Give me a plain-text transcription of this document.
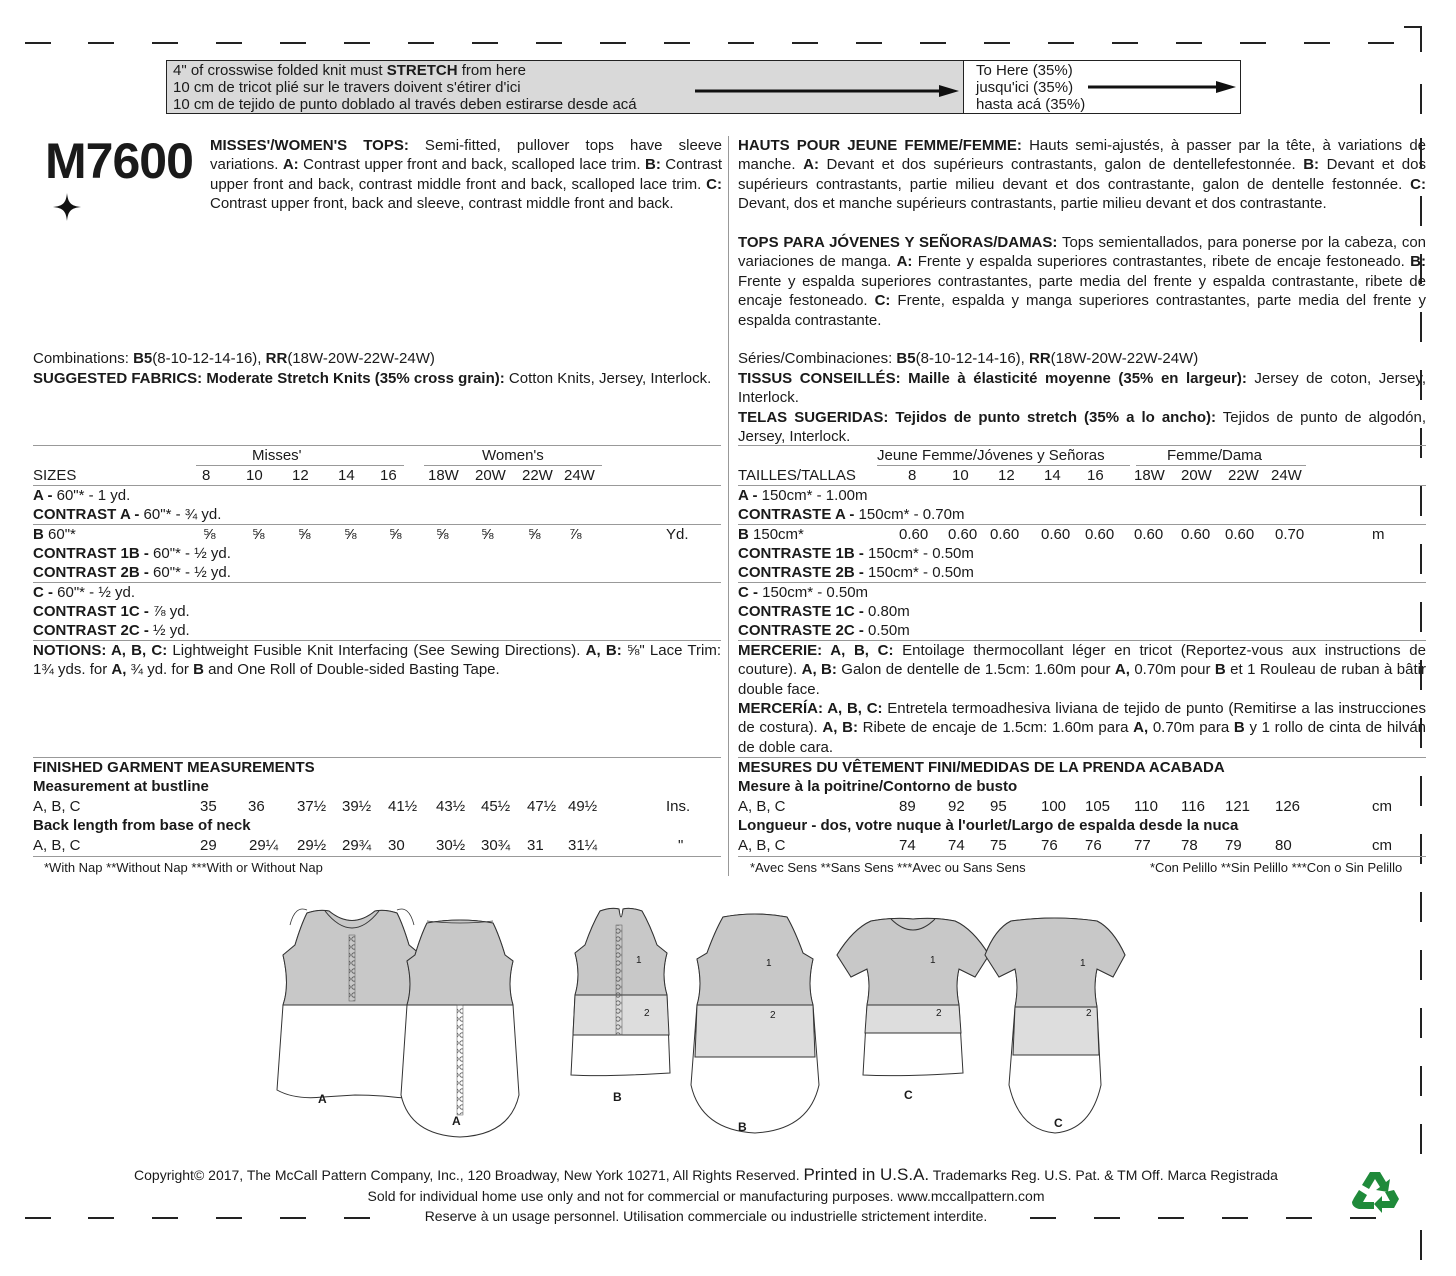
4" of crosswise folded knit must STRETCH from here
10 cm de tricot plié sur le travers doivent s'étirer d'ici
10 cm de tejido de punto doblado al través deben estirarse desde acá
To Here (35%)
jusqu'ici (35%)
hasta acá (35%)
M7600 MISSES'/WOMEN'S TOPS: Semi-fitted, pullover tops have sleeve variations. A: Contrast upper front and back, scalloped lace trim. B: Contrast upper front and back, contrast middle front and back, scalloped lace trim. C: Contrast upper front, back and sleeve, contrast middle front and back.
HAUTS POUR JEUNE FEMME/FEMME: Hauts semi-ajustés, à passer par la tête, à variations de manche. A: Devant et dos supérieurs contrastants, galon de dentellefestonnée. B: Devant et dos supérieurs contrastants, partie milieu devant et dos contrastante, galon de dentelle festonnée. C: Devant, dos et manche supérieurs contrastants, partie milieu devant et dos contrastante.
TOPS PARA JÓVENES Y SEÑORAS/DAMAS: Tops semientallados, para ponerse por la cabeza, con variaciones de manga. A: Frente y espalda superiores contrastantes, ribete de encaje festoneado. B: Frente y espalda superiores contrastantes, parte media del frente y espalda contrastante, ribete de encaje festoneado. C: Frente, espalda y manga superiores contrastantes, parte media del frente y espalda contrastante.
Combinations: B5(8-10-12-14-16), RR(18W-20W-22W-24W)
SUGGESTED FABRICS: Moderate Stretch Knits (35% cross grain): Cotton Knits, Jersey, Interlock.
Séries/Combinaciones: B5(8-10-12-14-16), RR(18W-20W-22W-24W)
TISSUS CONSEILLÉS: Maille à élasticité moyenne (35% en largeur): Jersey de coton, Jersey, Interlock.
TELAS SUGERIDAS: Tejidos de punto stretch (35% a lo ancho): Tejidos de punto de algodón, Jersey, Interlock.
Misses'	Women's
SIZES	8 10 12 14 16 18W 20W 22W 24W
A - 60"* - 1 yd.
CONTRAST A - 60"* - ¾ yd.
B 60"*	⅝ ⅝ ⅝ ⅝ ⅝ ⅝ ⅝ ⅝ ⅞	Yd.
CONTRAST 1B - 60"* - ½ yd.
CONTRAST 2B - 60"* - ½ yd.
C - 60"* - ½ yd.
CONTRAST 1C - ⅞ yd.
CONTRAST 2C - ½ yd.
NOTIONS: A, B, C: Lightweight Fusible Knit Interfacing (See Sewing Directions). A, B: ⅝" Lace Trim: 1¾ yds. for A, ¾ yd. for B and One Roll of Double-sided Basting Tape.
Jeune Femme/Jóvenes y Señoras	Femme/Dama
TAILLES/TALLAS	8 10 12 14 16 18W 20W 22W 24W
A - 150cm* - 1.00m
CONTRASTE A - 150cm* - 0.70m
B 150cm*	0.60 0.60 0.60 0.60 0.60 0.60 0.60 0.60 0.70	m
CONTRASTE 1B - 150cm* - 0.50m
CONTRASTE 2B - 150cm* - 0.50m
C - 150cm* - 0.50m
CONTRASTE 1C - 0.80m
CONTRASTE 2C - 0.50m
MERCERIE: A, B, C: Entoilage thermocollant léger en tricot (Reportez-vous aux instructions de couture). A, B: Galon de dentelle de 1.5cm: 1.60m pour A, 0.70m pour B et 1 Rouleau de ruban à bâtir double face.
MERCERÍA: A, B, C: Entretela termoadhesiva liviana de tejido de punto (Remitirse a las instrucciones de costura). A, B: Ribete de encaje de 1.5cm: 1.60m para A, 0.70m para B y 1 rollo de cinta de hilván de doble cara.
FINISHED GARMENT MEASUREMENTS
Measurement at bustline
A, B, C	35 36 37½ 39½ 41½ 43½ 45½ 47½ 49½	Ins.
Back length from base of neck
A, B, C	29 29¼ 29½ 29¾ 30 30½ 30¾ 31 31¼	"
*With Nap **Without Nap ***With or Without Nap
MESURES DU VÊTEMENT FINI/MEDIDAS DE LA PRENDA ACABADA
Mesure à la poitrine/Contorno de busto
A, B, C	89 92 95 100 105 110 116 121 126	cm
Longueur - dos, votre nuque à l'ourlet/Largo de espalda desde la nuca
A, B, C	74 74 75 76 76 77 78 79 80	cm
*Avec Sens **Sans Sens ***Avec ou Sans Sens	*Con Pelillo **Sin Pelillo ***Con o Sin Pelillo
1
2
1
2
1
2
1
2
A
A
B
B
C
C
Copyright© 2017, The McCall Pattern Company, Inc., 120 Broadway, New York 10271, All Rights Reserved. Printed in U.S.A. Trademarks Reg. U.S. Pat. & TM Off. Marca Registrada
Sold for individual home use only and not for commercial or manufacturing purposes. www.mccallpattern.com
Reserve à un usage personnel. Utilisation commerciale ou industrielle strictement interdite.
